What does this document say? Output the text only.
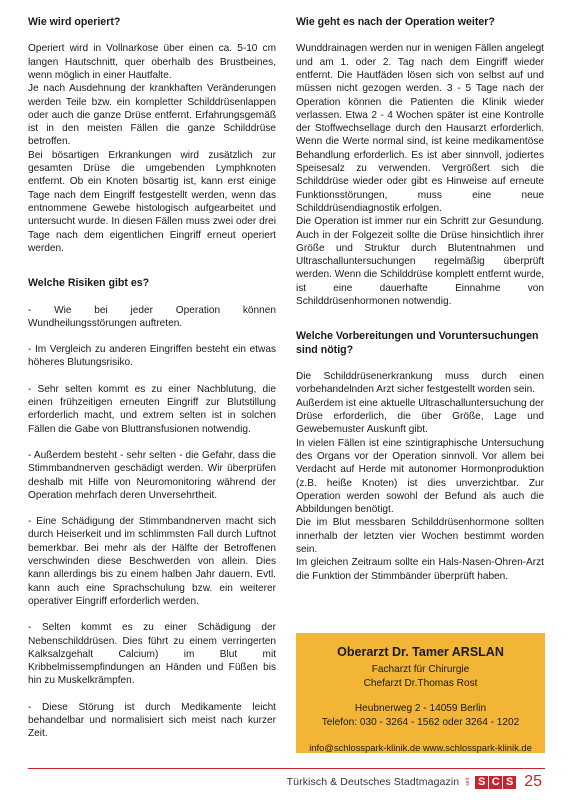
Wie wird operiert?

Operiert wird in Vollnarkose über einen ca. 5-10 cm langen Hautschnitt, quer oberhalb des Brustbeines, wenn möglich in einer Hautfalte.

Je nach Ausdehnung der krankhaften Veränderungen werden Teile bzw. ein kompletter Schilddrüsenlappen oder auch die ganze Drüse entfernt. Erfahrungsgemäß ist in den meisten Fällen die ganze Schilddrüse betroffen.

Bei bösartigen Erkrankungen wird zusätzlich zur gesamten Drüse die umgebenden Lymphknoten entfernt. Ob ein Knoten bösartig ist, kann erst einige Tage nach dem Eingriff festgestellt werden, wenn das entnommene Gewebe histologisch aufgearbeitet und untersucht wurde. In diesen Fällen muss zwei oder drei Tage nach dem eigentlichen Eingriff erneut operiert werden.

Welche Risiken gibt es?

- Wie bei jeder Operation können Wundheilungsstörungen auftreten.

- Im Vergleich zu anderen Eingriffen besteht ein etwas höheres Blutungsrisiko.

- Sehr selten kommt es zu einer Nachblutung, die einen frühzeitigen erneuten Eingriff zur Blutstillung erforderlich macht, und extrem selten ist in solchen Fällen die Gabe von Bluttransfusionen notwendig.

- Außerdem besteht - sehr selten - die Gefahr, dass die Stimmbandnerven geschädigt werden. Wir überprüfen deshalb mit Hilfe von Neuromonitoring während der Operation mehrfach deren Unversehrtheit.

- Eine Schädigung der Stimmbandnerven macht sich durch Heiserkeit und im schlimmsten Fall durch Luftnot bemerkbar. Bei mehr als der Hälfte der Betroffenen verschwinden diese Beschwerden von allein. Dies kann allerdings bis zu einem halben Jahr dauern. Evtl. kann auch eine Sprachschulung bzw. ein weiterer operativer Eingriff erforderlich werden.

- Selten kommt es zu einer Schädigung der Nebenschilddrüsen. Dies führt zu einem verringerten Kalksalzgehalt Calcium) im Blut mit Kribbelmissempfindungen an Händen und Füßen bis hin zu Muskelkrämpfen.

- Diese Störung ist durch Medikamente leicht behandelbar und normalisiert sich meist nach kurzer Zeit.

Wie geht es nach der Operation weiter?

Wunddrainagen werden nur in wenigen Fällen angelegt und am 1. oder 2. Tag nach dem Eingriff wieder entfernt. Die Hautfäden lösen sich von selbst auf und müssen nicht gezogen werden. 3 - 5 Tage nach der Operation können die Patienten die Klinik wieder verlassen. Etwa 2 - 4 Wochen später ist eine Kontrolle der Stoffwechsellage durch den Hausarzt erforderlich. Wenn die Werte normal sind, ist keine medikamentöse Behandlung erforderlich. Es ist aber sinnvoll, jodiertes Speisesalz zu verwenden. Vergrößert sich die Schilddrüse wieder oder gibt es Hinweise auf erneute Funktionsstörungen, muss eine neue Schilddrüsendiagnostik erfolgen.

Die Operation ist immer nur ein Schritt zur Gesundung. Auch in der Folgezeit sollte die Drüse hinsichtlich ihrer Größe und Struktur durch Blutentnahmen und Ultraschalluntersuchungen regelmäßig überprüft werden. Wenn die Schilddrüse komplett entfernt wurde, ist eine dauerhafte Einnahme von Schilddrüsenhormonen notwendig.

Welche Vorbereitungen und Voruntersuchungen sind nötig?

Die Schilddrüsenerkrankung muss durch einen vorbehandelnden Arzt sicher festgestellt worden sein.

Außerdem ist eine aktuelle Ultraschalluntersuchung der Drüse erforderlich, die über Größe, Lage und Gewebemuster Auskunft gibt.

In vielen Fällen ist eine szintigraphische Untersuchung des Organs vor der Operation sinnvoll. Vor allem bei Verdacht auf Herde mit autonomer Hormonproduktion (z.B. heiße Knoten) ist dies unverzichtbar. Zur Operation werden sowohl der Befund als auch die Abbildungen benötigt.

Die im Blut messbaren Schilddrüsenhormone sollten innerhalb der letzten vier Wochen bestimmt worden sein.

Im gleichen Zeitraum sollte ein Hals-Nasen-Ohren-Arzt die Funktion der Stimmbänder überprüft haben.

Oberarzt Dr. Tamer ARSLAN
Facharzt für Chirurgie
Chefarzt Dr.Thomas Rost
Heubnerweg 2 - 14059 Berlin
Telefon: 030 - 3264 - 1562 oder 3264 - 1202
info@schlosspark-klinik.de www.schlosspark-klinik.de
Türkisch & Deutsches Stadtmagazin seit S C S 25
